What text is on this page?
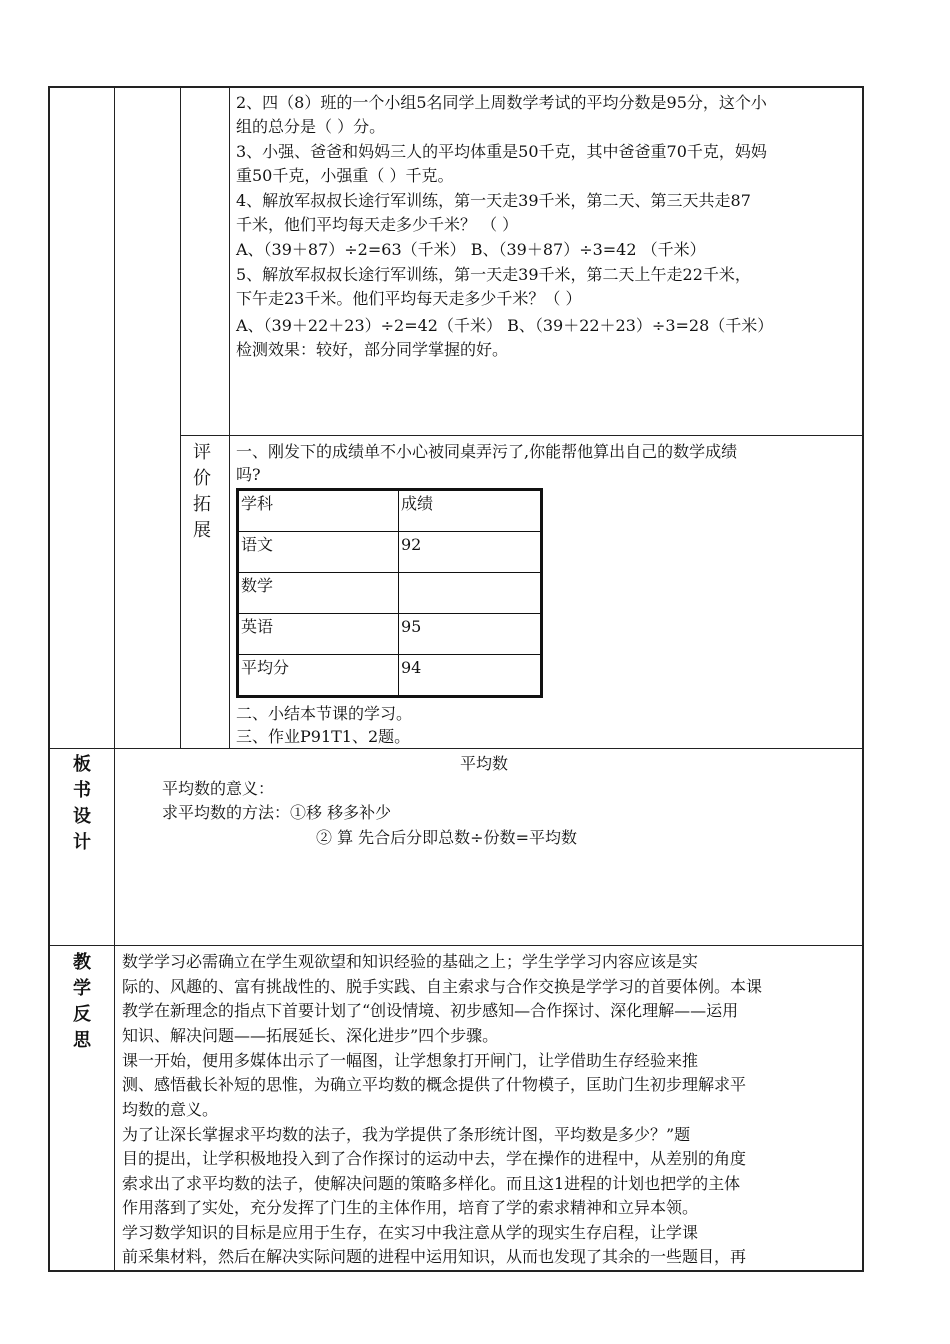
2、四（8）班的一个小组5名同学上周数学考试的平均分数是95分，这个小
组的总分是（ ）分。
3、小强、爸爸和妈妈三人的平均体重是50千克，其中爸爸重70千克，妈妈
重50千克，小强重（ ）千克。
4、解放军叔叔长途行军训练，第一天走39千米，第二天、第三天共走87
千米，他们平均每天走多少千米？ （ ）
A、（39＋87）÷2=63（千米） B、（39＋87）÷3=42 （千米）
5、解放军叔叔长途行军训练，第一天走39千米，第二天上午走22千米，
下午走23千米。他们平均每天走多少千米？（ ）
A、（39＋22＋23）÷2=42（千米） B、（39＋22＋23）÷3=28（千米）
检测效果：较好，部分同学掌握的好。
评
价
拓
展
一、刚发下的成绩单不小心被同桌弄污了,你能帮他算出自己的数学成绩
吗?
学科	成绩
语文	92
数学	
英语	95
平均分	94
二、小结本节课的学习。
三、作业P91T1、2题。
板
书
设
计
平均数
平均数的意义：
求平均数的方法：①移 移多补少
② 算 先合后分即总数÷份数=平均数
教
学
反
思
数学学习必需确立在学生观欲望和知识经验的基础之上；学生学学习内容应该是实
际的、风趣的、富有挑战性的、脱手实践、自主索求与合作交换是学学习的首要体例。本课
教学在新理念的指点下首要计划了“创设情境、初步感知—合作探讨、深化理解——运用
知识、解决问题——拓展延长、深化进步”四个步骤。
课一开始，便用多媒体出示了一幅图，让学想象打开闸门，让学借助生存经验来推
测、感悟截长补短的思惟，为确立平均数的概念提供了什物模子，匡助门生初步理解求平
均数的意义。
为了让深长掌握求平均数的法子，我为学提供了条形统计图，平均数是多少？”题
目的提出，让学积极地投入到了合作探讨的运动中去，学在操作的进程中，从差别的角度
索求出了求平均数的法子，使解决问题的策略多样化。而且这1进程的计划也把学的主体
作用落到了实处，充分发挥了门生的主体作用，培育了学的索求精神和立异本领。
学习数学知识的目标是应用于生存，在实习中我注意从学的现实生存启程，让学课
前采集材料，然后在解决实际问题的进程中运用知识，从而也发现了其余的一些题目，再
